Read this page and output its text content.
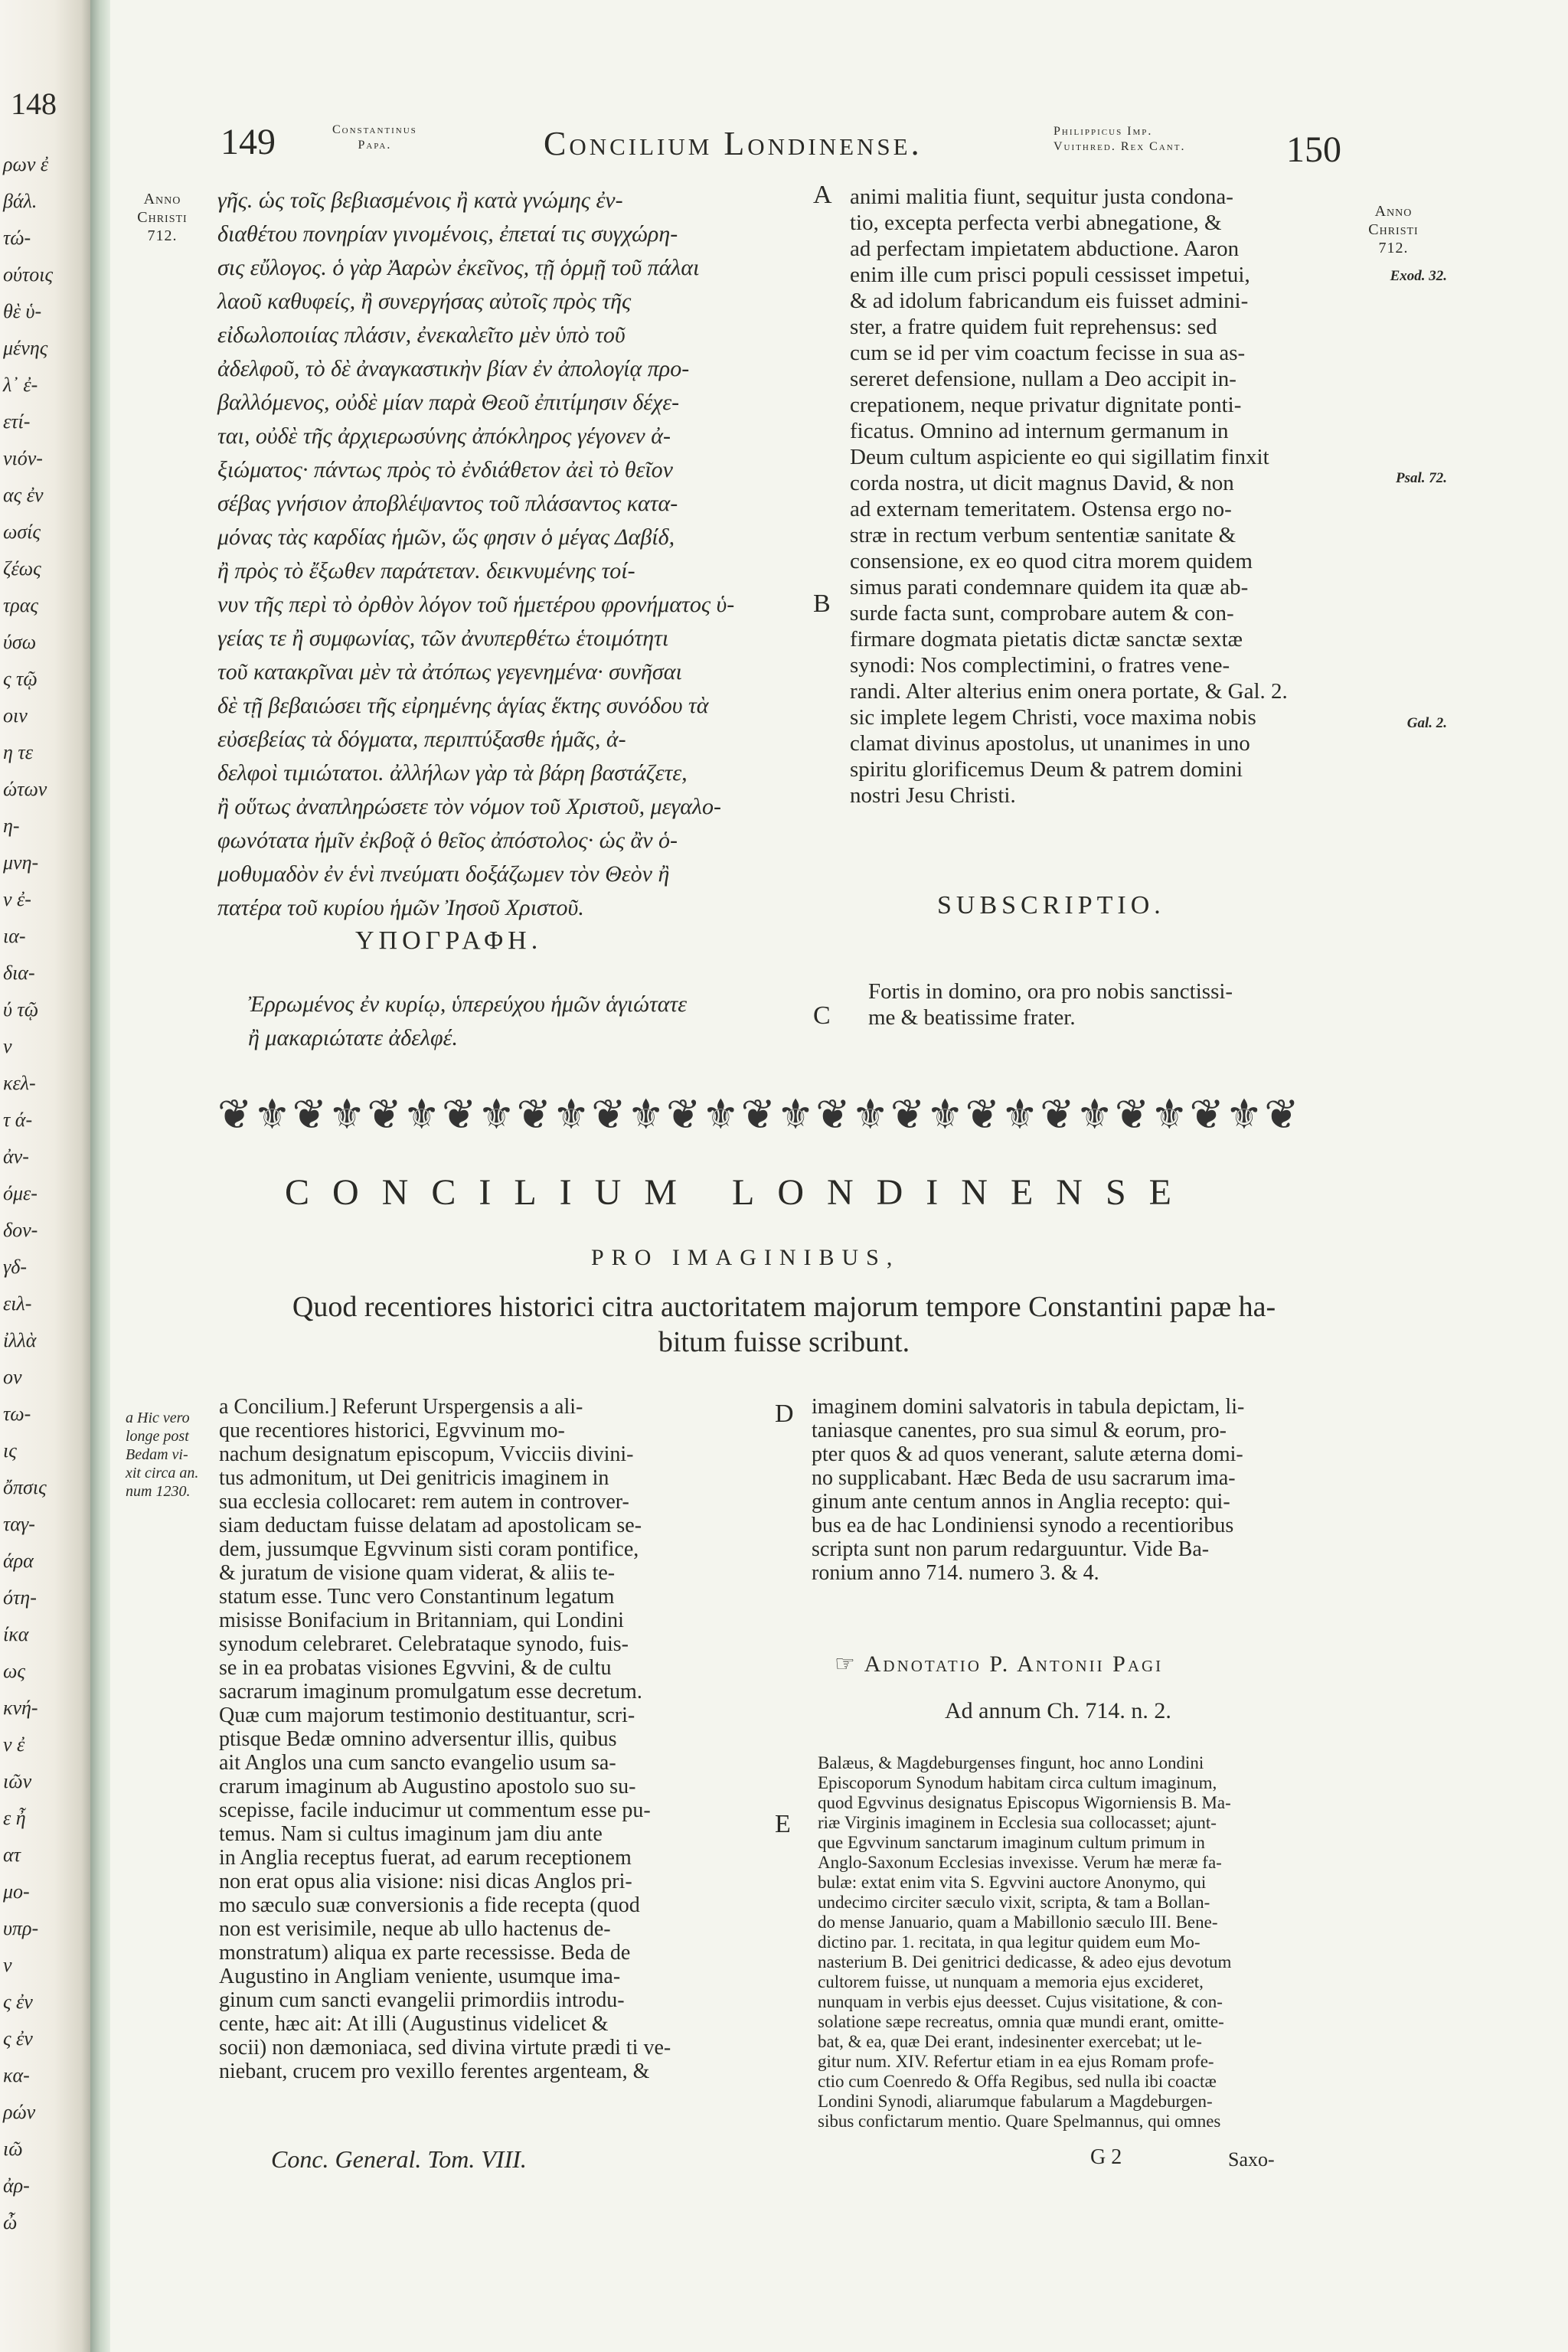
148
ρων ἐ
βάλ.
τώ-
ούτοις
θὲ ὑ-
μένης
λ᾿ ἐ-
ετί-
νιόν-
ας ἐν
ωσίς
ζέως
τρας
ύσω
ς τῷ
οιν
η τε
ώτων
η-
μνη-
ν ἐ-
ια-
δια-
ύ τῷ
ν
κελ-
τ ά-
ἀν-
όμε-
δον-
γδ-
ειλ-
ἰλλὰ
ον
τω-
ις
ὄπσις
ταγ-
άρα
ότη-
ίκα
ως
κνή-
ν ἐ
ιῶν
ε ἦ
ατ
μο-
υπρ-
ν
ς ἐν
ς ἐν
κα-
ρών
ιῶ
ἀρ-
ὦ
149	Constantinus
Papa.	Concilium Londinense.	Philippicus Imp.
Vuithred. Rex Cant.	150
Anno
Christi
712.
Anno
Christi
712.
Exod. 32.
Psal. 72.
Gal. 2.
A
B
C
D
E

γῆς. ὡς τοῖς βεβιασμένοις ἢ κατὰ γνώμης ἐν-

διαθέτου πονηρίαν γινομένοις, ἐπεταί τις συγχώρη-

σις εὔλογος. ὁ γὰρ Ἀαρὼν ἐκεῖνος, τῇ ὁρμῇ τοῦ πάλαι

λαοῦ καθυφείς, ἢ συνεργήσας αὐτοῖς πρὸς τῆς

εἰδωλοποιίας πλάσιν, ἐνεκαλεῖτο μὲν ὑπὸ τοῦ

ἀδελφοῦ, τὸ δὲ ἀναγκαστικὴν βίαν ἐν ἀπολογίᾳ προ-

βαλλόμενος, οὐδὲ μίαν παρὰ Θεοῦ ἐπιτίμησιν δέχε-

ται, οὐδὲ τῆς ἀρχιερωσύνης ἀπόκληρος γέγονεν ἀ-

ξιώματος· πάντως πρὸς τὸ ἐνδιάθετον ἀεὶ τὸ θεῖον

σέβας γνήσιον ἀποβλέψαντος τοῦ πλάσαντος κατα-

μόνας τὰς καρδίας ἡμῶν, ὥς φησιν ὁ μέγας Δαβίδ,

ἢ πρὸς τὸ ἔξωθεν παράτεταν. δεικνυμένης τοί-

νυν τῆς περὶ τὸ ὀρθὸν λόγον τοῦ ἡμετέρου φρονήματος ὑ-

γείας τε ἢ συμφωνίας, τῶν ἀνυπερθέτω ἑτοιμότητι

τοῦ κατακρῖναι μὲν τὰ ἀτόπως γεγενημένα· συνῆσαι

δὲ τῇ βεβαιώσει τῆς εἰρημένης ἁγίας ἕκτης συνόδου τὰ

εὐσεβείας τὰ δόγματα, περιπτύξασθε ἡμᾶς, ἀ-

δελφοὶ τιμιώτατοι. ἀλλήλων γὰρ τὰ βάρη βαστάζετε,

ἢ οὕτως ἀναπληρώσετε τὸν νόμον τοῦ Χριστοῦ, μεγαλο-

φωνότατα ἡμῖν ἐκβοᾷ ὁ θεῖος ἀπόστολος· ὡς ἂν ὁ-

μοθυμαδὸν ἐν ἑνὶ πνεύματι δοξάζωμεν τὸν Θεὸν ἢ

πατέρα τοῦ κυρίου ἡμῶν Ἰησοῦ Χριστοῦ.

animi malitia fiunt, sequitur justa condona-

tio, excepta perfecta verbi abnegatione, &

ad perfectam impietatem abductione. Aaron

enim ille cum prisci populi cessisset impetui,

& ad idolum fabricandum eis fuisset admini-

ster, a fratre quidem fuit reprehensus: sed

cum se id per vim coactum fecisse in sua as-

sereret defensione, nullam a Deo accipit in-

crepationem, neque privatur dignitate ponti-

ficatus. Omnino ad internum germanum in

Deum cultum aspiciente eo qui sigillatim finxit

corda nostra, ut dicit magnus David, & non

ad externam temeritatem. Ostensa ergo no-

stræ in rectum verbum sententiæ sanitate &

consensione, ex eo quod citra morem quidem

simus parati condemnare quidem ita quæ ab-

surde facta sunt, comprobare autem & con-

firmare dogmata pietatis dictæ sanctæ sextæ

synodi: Nos complectimini, o fratres vene-

randi. Alter alterius enim onera portate, & Gal. 2.

sic implete legem Christi, voce maxima nobis

clamat divinus apostolus, ut unanimes in uno

spiritu glorificemus Deum & patrem domini

nostri Jesu Christi.

ΥΠΟΓΡΑΦΗ.

Ἐρρωμένος ἐν κυρίῳ, ὑπερεύχου ἡμῶν ἁγιώτατε

ἢ μακαριώτατε ἀδελφέ.

SUBSCRIPTIO.

Fortis in domino, ora pro nobis sanctissi-

me & beatissime frater.

❦⚜❦⚜❦⚜❦⚜❦⚜❦⚜❦⚜❦⚜❦⚜❦⚜❦⚜❦⚜❦⚜❦⚜❦
CONCILIUM LONDINENSE
PRO IMAGINIBUS,
Quod recentiores historici citra auctoritatem majorum tempore Constantini papæ ha-
bitum fuisse scribunt.
a Hic vero
longe post
Bedam vi-
xit circa an.
num 1230.

a Concilium.] Referunt Urspergensis a ali-

que recentiores historici, Egvvinum mo-

nachum designatum episcopum, Vvicciis divini-

tus admonitum, ut Dei genitricis imaginem in

sua ecclesia collocaret: rem autem in controver-

siam deductam fuisse delatam ad apostolicam se-

dem, jussumque Egvvinum sisti coram pontifice,

& juratum de visione quam viderat, & aliis te-

statum esse. Tunc vero Constantinum legatum

misisse Bonifacium in Britanniam, qui Londini

synodum celebraret. Celebrataque synodo, fuis-

se in ea probatas visiones Egvvini, & de cultu

sacrarum imaginum promulgatum esse decretum.

Quæ cum majorum testimonio destituantur, scri-

ptisque Bedæ omnino adversentur illis, quibus

ait Anglos una cum sancto evangelio usum sa-

crarum imaginum ab Augustino apostolo suo su-

scepisse, facile inducimur ut commentum esse pu-

temus. Nam si cultus imaginum jam diu ante

in Anglia receptus fuerat, ad earum receptionem

non erat opus alia visione: nisi dicas Anglos pri-

mo sæculo suæ conversionis a fide recepta (quod

non est verisimile, neque ab ullo hactenus de-

monstratum) aliqua ex parte recessisse. Beda de

Augustino in Angliam veniente, usumque ima-

ginum cum sancti evangelii primordiis introdu-

cente, hæc ait: At illi (Augustinus videlicet &

socii) non dæmoniaca, sed divina virtute prædi ti ve-

niebant, crucem pro vexillo ferentes argenteam, &

imaginem domini salvatoris in tabula depictam, li-

taniasque canentes, pro sua simul & eorum, pro-

pter quos & ad quos venerant, salute æterna domi-

no supplicabant. Hæc Beda de usu sacrarum ima-

ginum ante centum annos in Anglia recepto: qui-

bus ea de hac Londiniensi synodo a recentioribus

scripta sunt non parum redarguuntur. Vide Ba-

ronium anno 714. numero 3. & 4.

☞ Adnotatio P. Antonii Pagi
Ad annum Ch. 714. n. 2.

Balæus, & Magdeburgenses fingunt, hoc anno Londini

Episcoporum Synodum habitam circa cultum imaginum,

quod Egvvinus designatus Episcopus Wigorniensis B. Ma-

riæ Virginis imaginem in Ecclesia sua collocasset; ajunt-

que Egvvinum sanctarum imaginum cultum primum in

Anglo-Saxonum Ecclesias invexisse. Verum hæ meræ fa-

bulæ: extat enim vita S. Egvvini auctore Anonymo, qui

undecimo circiter sæculo vixit, scripta, & tam a Bollan-

do mense Januario, quam a Mabillonio sæculo III. Bene-

dictino par. 1. recitata, in qua legitur quidem eum Mo-

nasterium B. Dei genitrici dedicasse, & adeo ejus devotum

cultorem fuisse, ut nunquam a memoria ejus excideret,

nunquam in verbis ejus deesset. Cujus visitatione, & con-

solatione sæpe recreatus, omnia quæ mundi erant, omitte-

bat, & ea, quæ Dei erant, indesinenter exercebat; ut le-

gitur num. XIV. Refertur etiam in ea ejus Romam profe-

ctio cum Coenredo & Offa Regibus, sed nulla ibi coactæ

Londini Synodi, aliarumque fabularum a Magdeburgen-

sibus confictarum mentio. Quare Spelmannus, qui omnes

G 2	Saxo-
Conc. General. Tom. VIII.
